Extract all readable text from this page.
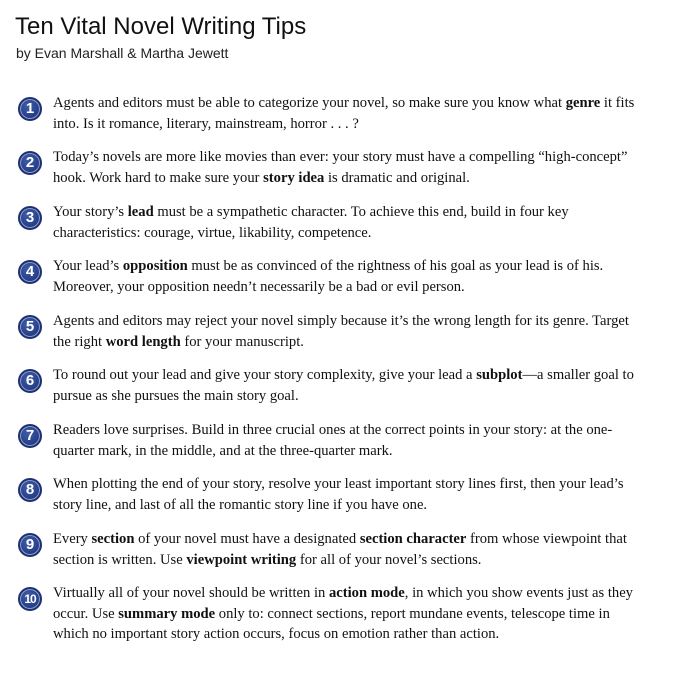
Ten Vital Novel Writing Tips
by Evan Marshall & Martha Jewett
1	Agents and editors must be able to categorize your novel, so make sure you know what genre it fits into. Is it romance, literary, mainstream, horror . . . ?
2	Today’s novels are more like movies than ever: your story must have a compelling “high-concept” hook. Work hard to make sure your story idea is dramatic and original.
3	Your story’s lead must be a sympathetic character. To achieve this end, build in four key characteristics: courage, virtue, likability, competence.
4	Your lead’s opposition must be as convinced of the rightness of his goal as your lead is of his. Moreover, your opposition needn’t necessarily be a bad or evil person.
5	Agents and editors may reject your novel simply because it’s the wrong length for its genre. Target the right word length for your manuscript.
6	To round out your lead and give your story complexity, give your lead a subplot—a smaller goal to pursue as she pursues the main story goal.
7	Readers love surprises. Build in three crucial ones at the correct points in your story: at the one-quarter mark, in the middle, and at the three-quarter mark.
8	When plotting the end of your story, resolve your least important story lines first, then your lead’s story line, and last of all the romantic story line if you have one.
9	Every section of your novel must have a designated section character from whose viewpoint that section is written. Use viewpoint writing for all of your novel’s sections.
10	Virtually all of your novel should be written in action mode, in which you show events just as they occur. Use summary mode only to: connect sections, report mundane events, telescope time in which no important story action occurs, focus on emotion rather than action.
